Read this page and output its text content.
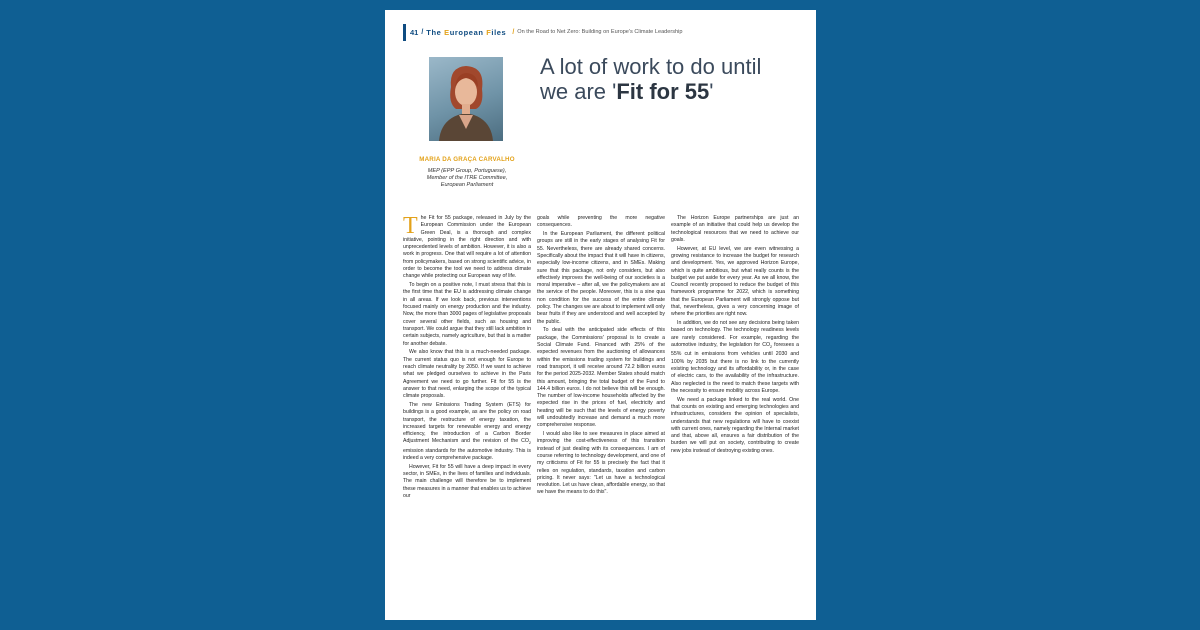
41 / The European Files / On the Road to Net Zero: Building on Europe's Climate Leadership
A lot of work to do until
we are 'Fit for 55'
MARIA DA GRAÇA CARVALHO
MEP (EPP Group, Portuguese),
Member of the ITRE Committee,
European Parliament

The Fit for 55 package, released in July by the European Commission under the European Green Deal, is a thorough and complex initiative, pointing in the right direction and with unprecedented levels of ambition. However, it is also a work in progress. One that will require a lot of attention from policymakers, based on strong scientific advice, in order to become the tool we need to address climate change while protecting our European way of life.

To begin on a positive note, I must stress that this is the first time that the EU is addressing climate change in all areas. If we look back, previous interventions focused mainly on energy production and the industry. Now, the more than 3000 pages of legislative proposals cover several other fields, such as housing and transport. We could argue that they still lack ambition in certain subjects, namely agriculture, but that is a matter for another debate.

We also know that this is a much-needed package. The current status quo is not enough for Europe to reach climate neutrality by 2050. If we want to achieve what we pledged ourselves to achieve in the Paris Agreement we need to go further. Fit for 55 is the answer to that need, enlarging the scope of the typical climate proposals.

The new Emissions Trading System (ETS) for buildings is a good example, as are the policy on road transport, the restructure of energy taxation, the increased targets for renewable energy and energy efficiency, the introduction of a Carbon Border Adjustment Mechanism and the revision of the $CO_2$ emission standards for the automotive industry. This is indeed a very comprehensive package.

However, Fit for 55 will have a deep impact in every sector, in SMEs, in the lives of families and individuals. The main challenge will therefore be to implement these measures in a manner that enables us to achieve our

goals while preventing the more negative consequences.

In the European Parliament, the different political groups are still in the early stages of analysing Fit for 55. Nevertheless, there are already shared concerns. Specifically about the impact that it will have in citizens, especially low-income citizens, and in SMEs. Making sure that this package, not only considers, but also effectively improves the well-being of our societies is a moral imperative – after all, we the policymakers are at the service of the people. Moreover, this is a sine qua non condition for the success of the entire climate policy. The changes we are about to implement will only bear fruits if they are understood and well accepted by the public.

To deal with the anticipated side effects of this package, the Commissions' proposal is to create a Social Climate Fund. Financed with 25% of the expected revenues from the auctioning of allowances within the emissions trading system for buildings and road transport, it will receive around 72.2 billion euros for the period 2025-2032. Member States should match this amount, bringing the total budget of the Fund to 144.4 billion euros. I do not believe this will be enough. The number of low-income households affected by the expected rise in the prices of fuel, electricity and heating will be such that the levels of energy poverty will undoubtedly increase and demand a much more comprehensive response.

I would also like to see measures in place aimed at improving the cost-effectiveness of this transition instead of just dealing with its consequences. I am of course referring to technology development, and one of my criticisms of Fit for 55 is precisely the fact that it relies on regulation, standards, taxation and carbon pricing. It never says: "Let us have a technological revolution. Let us have clean, affordable energy, so that we have the means to do this".

The Horizon Europe partnerships are just an example of an initiative that could help us develop the technological resources that we need to achieve our goals.

However, at EU level, we are even witnessing a growing resistance to increase the budget for research and development. Yes, we approved Horizon Europe, which is quite ambitious, but what really counts is the budget we put aside for every year. As we all know, the Council recently proposed to reduce the budget of this framework programme for 2022, which is something that the European Parliament will strongly oppose but that, nevertheless, gives a very concerning image of where the priorities are right now.

In addition, we do not see any decisions being taken based on technology. The technology readiness levels are rarely considered. For example, regarding the automotive industry, the legislation for $CO_2$ foresees a 55% cut in emissions from vehicles until 2030 and 100% by 2035 but there is no link to the currently existing technology and its affordability or, in the case of electric cars, to the availability of the infrastructure. Also neglected is the need to match these targets with the necessity to ensure mobility across Europe.

We need a package linked to the real world. One that counts on existing and emerging technologies and infrastructures, considers the opinion of specialists, understands that new regulations will have to coexist with current ones, namely regarding the Internal market and that, above all, ensures a fair distribution of the burden we will put on society, contributing to create new jobs instead of destroying existing ones.
